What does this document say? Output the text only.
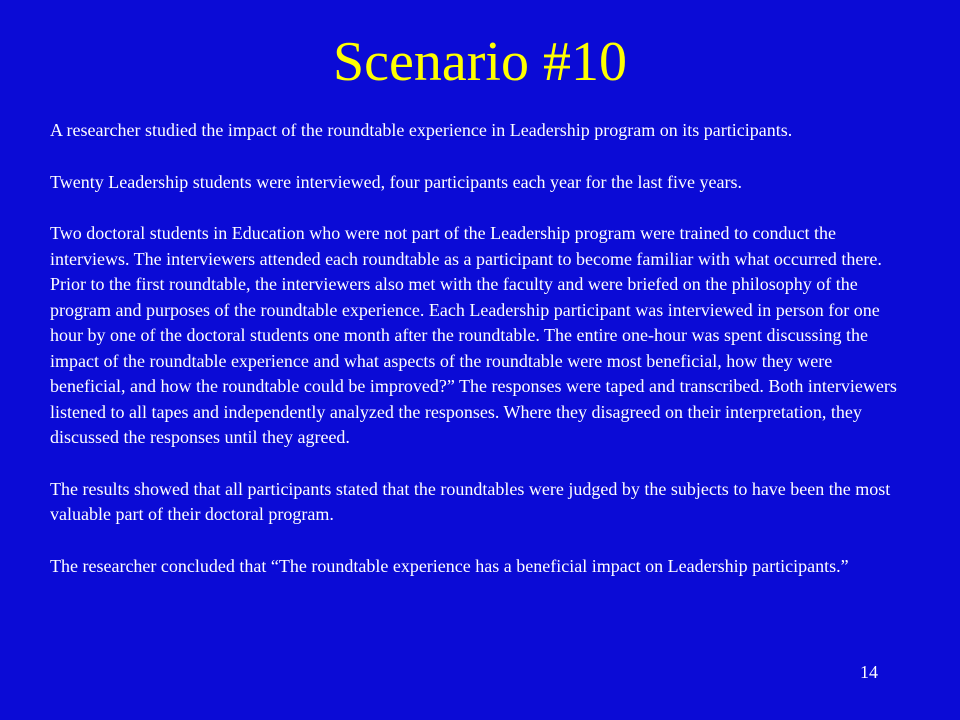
Scenario #10

A researcher studied the impact of the roundtable experience in Leadership program on its participants.

Twenty Leadership students were interviewed, four participants each year for the last five years.

Two doctoral students in Education who were not part of the Leadership program were trained to conduct the interviews. The interviewers attended each roundtable as a participant to become familiar with what occurred there. Prior to the first roundtable, the interviewers also met with the faculty and were briefed on the philosophy of the program and purposes of the roundtable experience. Each Leadership participant was interviewed in person for one hour by one of the doctoral students one month after the roundtable. The entire one-hour was spent discussing the impact of the roundtable experience and what aspects of the roundtable were most beneficial, how they were beneficial, and how the roundtable could be improved?” The responses were taped and transcribed. Both interviewers listened to all tapes and independently analyzed the responses. Where they disagreed on their interpretation, they discussed the responses until they agreed.

The results showed that all participants stated that the roundtables were judged by the subjects to have been the most valuable part of their doctoral program.

The researcher concluded that “The roundtable experience has a beneficial impact on Leadership participants.”

14
